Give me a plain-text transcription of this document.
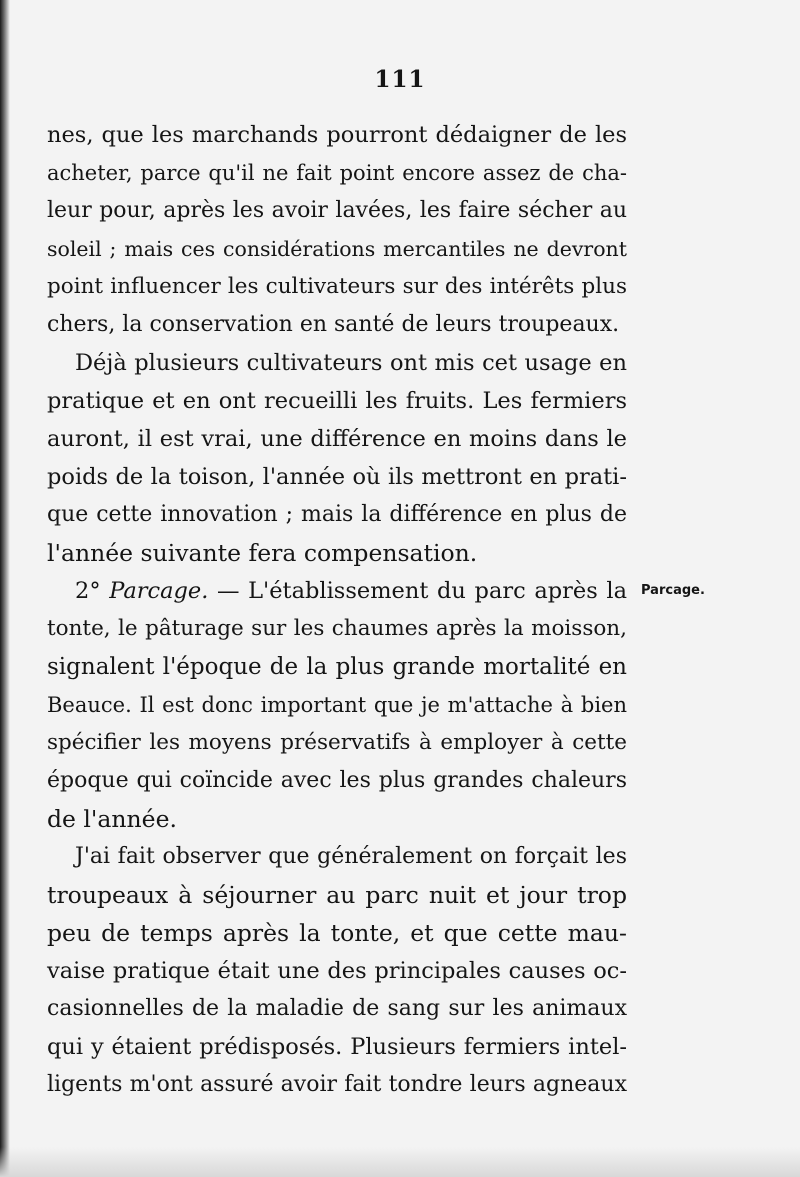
111
Parcage.
nes, que les marchands pourront dédaigner de les
acheter, parce qu'il ne fait point encore assez de cha-
leur pour, après les avoir lavées, les faire sécher au
soleil ; mais ces considérations mercantiles ne devront
point influencer les cultivateurs sur des intérêts plus
chers, la conservation en santé de leurs troupeaux.
Déjà plusieurs cultivateurs ont mis cet usage en
pratique et en ont recueilli les fruits. Les fermiers
auront, il est vrai, une différence en moins dans le
poids de la toison, l'année où ils mettront en prati-
que cette innovation ; mais la différence en plus de
l'année suivante fera compensation.
2° Parcage. — L'établissement du parc après la
tonte, le pâturage sur les chaumes après la moisson,
signalent l'époque de la plus grande mortalité en
Beauce. Il est donc important que je m'attache à bien
spécifier les moyens préservatifs à employer à cette
époque qui coïncide avec les plus grandes chaleurs
de l'année.
J'ai fait observer que généralement on forçait les
troupeaux à séjourner au parc nuit et jour trop
peu de temps après la tonte, et que cette mau-
vaise pratique était une des principales causes oc-
casionnelles de la maladie de sang sur les animaux
qui y étaient prédisposés. Plusieurs fermiers intel-
ligents m'ont assuré avoir fait tondre leurs agneaux
